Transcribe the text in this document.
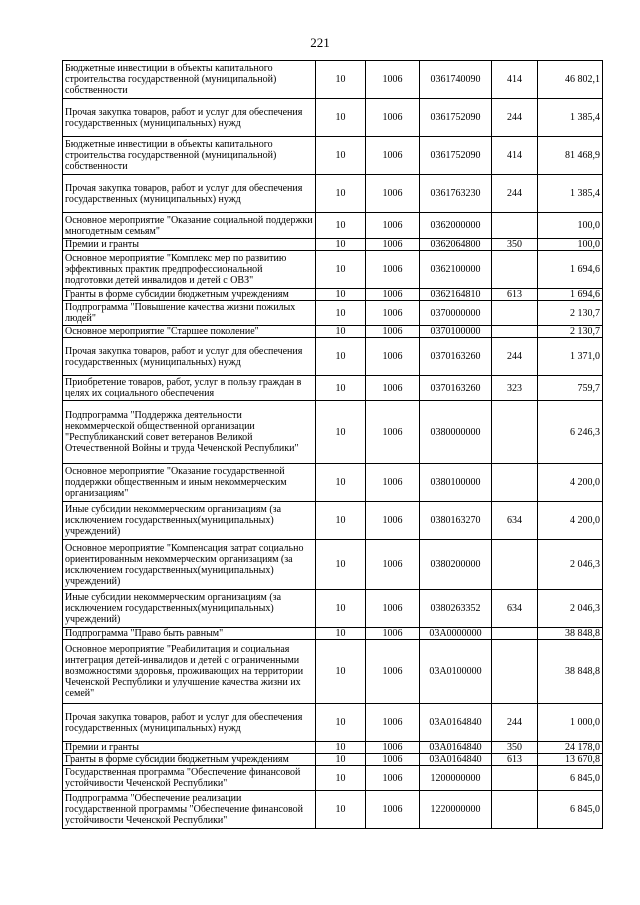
221
Бюджетные инвестиции в объекты капитального строительства государственной (муниципальной) собственности	10	1006	0361740090	414	46 802,1
Прочая закупка товаров, работ и услуг для обеспечения государственных (муниципальных) нужд	10	1006	0361752090	244	1 385,4
Бюджетные инвестиции в объекты капитального строительства государственной (муниципальной) собственности	10	1006	0361752090	414	81 468,9
Прочая закупка товаров, работ и услуг для обеспечения государственных (муниципальных) нужд	10	1006	0361763230	244	1 385,4
Основное мероприятие "Оказание социальной поддержки многодетным семьям"	10	1006	0362000000		100,0
Премии и гранты	10	1006	0362064800	350	100,0
Основное мероприятие "Комплекс мер по развитию эффективных практик предпрофессиональной подготовки детей инвалидов и детей с ОВЗ"	10	1006	0362100000		1 694,6
Гранты в форме субсидии бюджетным учреждениям	10	1006	0362164810	613	1 694,6
Подпрограмма "Повышение качества жизни пожилых людей"	10	1006	0370000000		2 130,7
Основное мероприятие "Старшее поколение"	10	1006	0370100000		2 130,7
Прочая закупка товаров, работ и услуг для обеспечения государственных (муниципальных) нужд	10	1006	0370163260	244	1 371,0
Приобретение товаров, работ, услуг в пользу граждан в целях их социального обеспечения	10	1006	0370163260	323	759,7
Подпрограмма "Поддержка деятельности некоммерческой общественной организации "Республиканский совет ветеранов Великой Отечественной Войны и труда Чеченской Республики"	10	1006	0380000000		6 246,3
Основное мероприятие "Оказание государственной поддержки общественным и иным некоммерческим организациям"	10	1006	0380100000		4 200,0
Иные субсидии некоммерческим организациям (за исключением государственных(муниципальных) учреждений)	10	1006	0380163270	634	4 200,0
Основное мероприятие "Компенсация затрат социально ориентированным некоммерческим организациям (за исключением государственных(муниципальных) учреждений)	10	1006	0380200000		2 046,3
Иные субсидии некоммерческим организациям (за исключением государственных(муниципальных) учреждений)	10	1006	0380263352	634	2 046,3
Подпрограмма "Право быть равным"	10	1006	03А0000000		38 848,8
Основное мероприятие "Реабилитация и социальная интеграция детей-инвалидов и детей с ограниченными возможностями здоровья, проживающих на территории Чеченской Республики и улучшение качества жизни их семей"	10	1006	03А0100000		38 848,8
Прочая закупка товаров, работ и услуг для обеспечения государственных (муниципальных) нужд	10	1006	03А0164840	244	1 000,0
Премии и гранты	10	1006	03А0164840	350	24 178,0
Гранты в форме субсидии бюджетным учреждениям	10	1006	03А0164840	613	13 670,8
Государственная программа "Обеспечение финансовой устойчивости Чеченской Республики"	10	1006	1200000000		6 845,0
Подпрограмма "Обеспечение реализации государственной программы "Обеспечение финансовой устойчивости Чеченской Республики"	10	1006	1220000000		6 845,0
